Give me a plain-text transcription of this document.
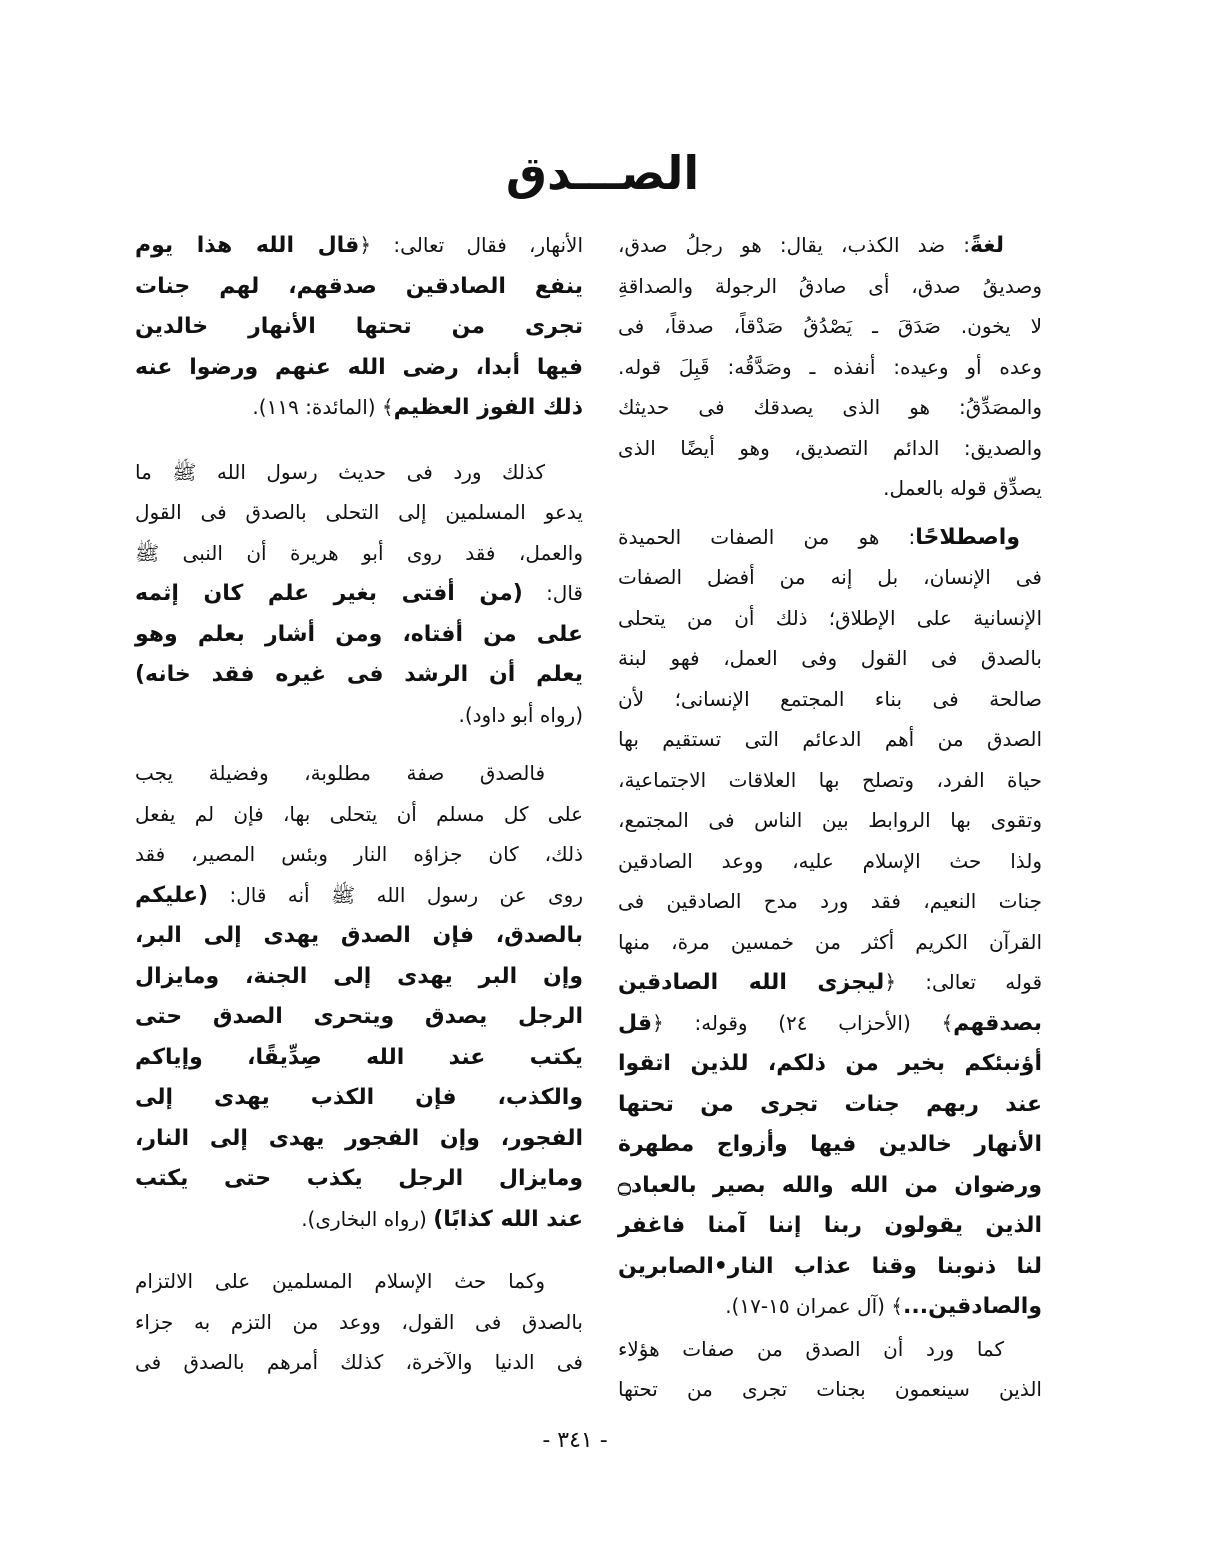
الصـــدق
لغةً: ضد الكذب، يقال: هو رجلُ صدق،
وصديقُ صدق، أى صادقُ الرجولة والصداقةِ
لا يخون. صَدَقَ ـ يَصْدُقُ صَدْقاً، صدقاً، فى
وعده أو وعيده: أنفذه ـ وصَدَّقُه: قَبِلَ قوله.
والمصَدِّقُ: هو الذى يصدقك فى حديثك
والصديق: الدائم التصديق، وهو أيضًا الذى
يصدِّق قوله بالعمل.
واصطلاحًا: هو من الصفات الحميدة
فى الإنسان، بل إنه من أفضل الصفات
الإنسانية على الإطلاق؛ ذلك أن من يتحلى
بالصدق فى القول وفى العمل، فهو لبنة
صالحة فى بناء المجتمع الإنسانى؛ لأن
الصدق من أهم الدعائم التى تستقيم بها
حياة الفرد، وتصلح بها العلاقات الاجتماعية،
وتقوى بها الروابط بين الناس فى المجتمع،
ولذا حث الإسلام عليه، ووعد الصادقين
جنات النعيم، فقد ورد مدح الصادقين فى
القرآن الكريم أكثر من خمسين مرة، منها
قوله تعالى: ﴿ليجزى الله الصادقين
بصدقهم﴾ (الأحزاب ٢٤) وقوله: ﴿قل
أؤنبئكم بخير من ذلكم، للذين اتقوا
عند ربهم جنات تجرى من تحتها
الأنهار خالدين فيها وأزواج مطهرة
ورضوان من الله والله بصير بالعباد۝
الذين يقولون ربنا إننا آمنا فاغفر
لنا ذنوبنا وقنا عذاب النار•الصابرين
والصادقين...﴾ (آل عمران ١٥-١٧).
كما ورد أن الصدق من صفات هؤلاء
الذين سينعمون بجنات تجرى من تحتها
الأنهار، فقال تعالى: ﴿قال الله هذا يوم
ينفع الصادقين صدقهم، لهم جنات
تجرى من تحتها الأنهار خالدين
فيها أبدا، رضى الله عنهم ورضوا عنه
ذلك الفوز العظيم﴾ (المائدة: ١١٩).
كذلك ورد فى حديث رسول الله ﷺ ما
يدعو المسلمين إلى التحلى بالصدق فى القول
والعمل، فقد روى أبو هريرة أن النبى ﷺ
قال: (من أفتى بغير علم كان إثمه
على من أفتاه، ومن أشار بعلم وهو
يعلم أن الرشد فى غيره فقد خانه)
(رواه أبو داود).
فالصدق صفة مطلوبة، وفضيلة يجب
على كل مسلم أن يتحلى بها، فإن لم يفعل
ذلك، كان جزاؤه النار وبئس المصير، فقد
روى عن رسول الله ﷺ أنه قال: (عليكم
بالصدق، فإن الصدق يهدى إلى البر،
وإن البر يهدى إلى الجنة، ومايزال
الرجل يصدق ويتحرى الصدق حتى
يكتب عند الله صِدِّيقًا، وإياكم
والكذب، فإن الكذب يهدى إلى
الفجور، وإن الفجور يهدى إلى النار،
ومايزال الرجل يكذب حتى يكتب
عند الله كذابًا) (رواه البخارى).
وكما حث الإسلام المسلمين على الالتزام
بالصدق فى القول، ووعد من التزم به جزاء
فى الدنيا والآخرة، كذلك أمرهم بالصدق فى
- ٣٤١ -
